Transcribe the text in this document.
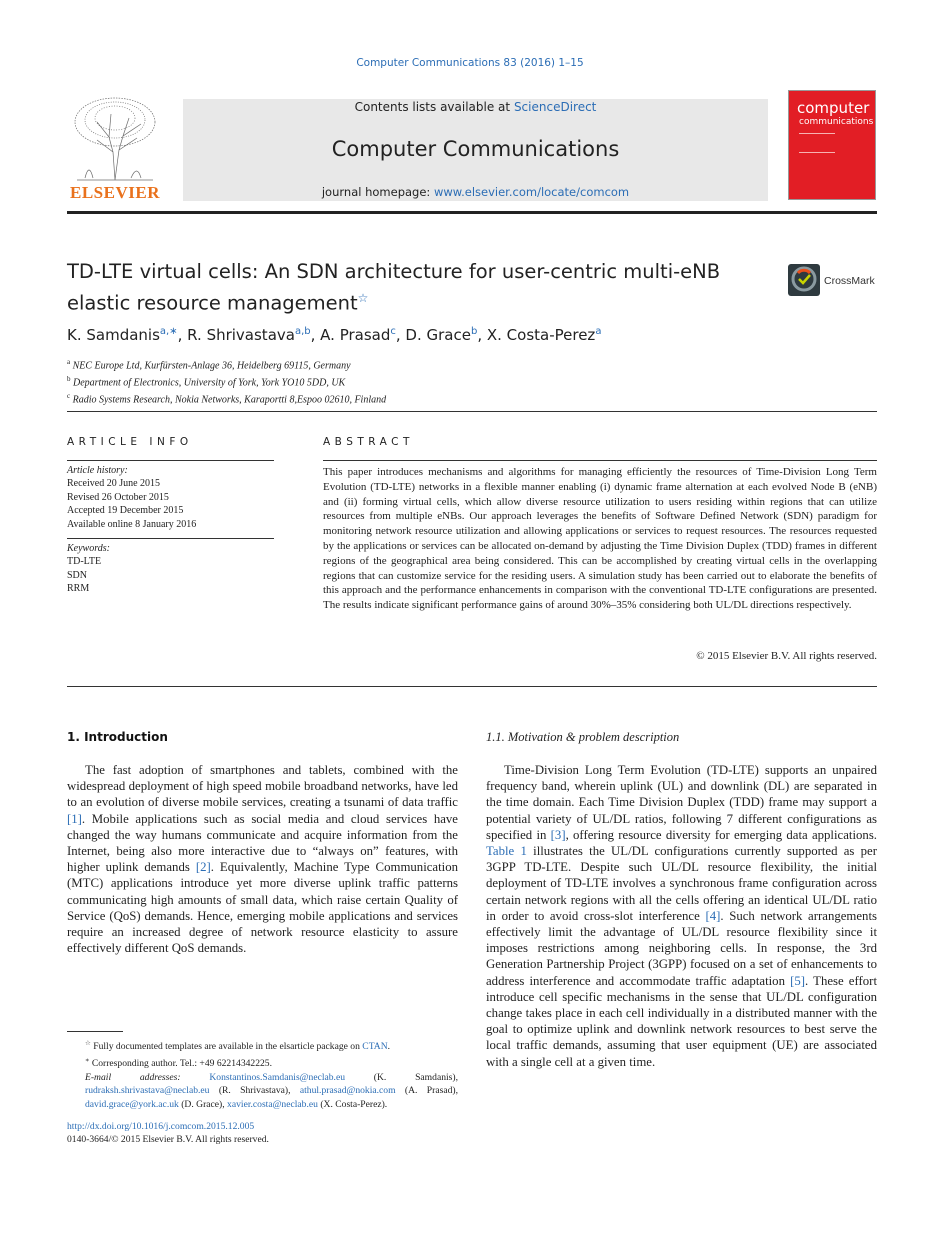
Computer Communications 83 (2016) 1–15
ELSEVIER
Contents lists available at ScienceDirect
Computer Communications
journal homepage: www.elsevier.com/locate/comcom
computer
communications
TD-LTE virtual cells: An SDN architecture for user-centric multi-eNB elastic resource management☆
CrossMark
K. Samdanis$^{a,∗}$, R. Shrivastava$^{a,b}$, A. Prasad$^c$, D. Grace$^b$, X. Costa-Perez$^a$
$^a$ NEC Europe Ltd, Kurfürsten-Anlage 36, Heidelberg 69115, Germany
$^b$ Department of Electronics, University of York, York YO10 5DD, UK
$^c$ Radio Systems Research, Nokia Networks, Karaportti 8,Espoo 02610, Finland
ARTICLE INFO
Article history:
Received 20 June 2015
Revised 26 October 2015
Accepted 19 December 2015
Available online 8 January 2016
Keywords:
TD-LTE
SDN
RRM
ABSTRACT
This paper introduces mechanisms and algorithms for managing efficiently the resources of Time-Division Long Term Evolution (TD-LTE) networks in a flexible manner enabling (i) dynamic frame alternation at each evolved Node B (eNB) and (ii) forming virtual cells, which allow diverse resource utilization to users residing within regions that can utilize resources from multiple eNBs. Our approach leverages the benefits of Software Defined Network (SDN) paradigm for monitoring network resource utilization and allowing applications or services to request resources. The resources requested by the applications or services can be allocated on-demand by adjusting the Time Division Duplex (TDD) frames in different regions of the geographical area being considered. This can be accomplished by creating virtual cells in the overlapping regions that can customize service for the residing users. A simulation study has been carried out to elaborate the benefits of this approach and the performance enhancements in comparison with the conventional TD-LTE configurations are presented. The results indicate significant performance gains of around 30%–35% considering both UL/DL directions respectively.
© 2015 Elsevier B.V. All rights reserved.
1. Introduction	1.1. Motivation & problem description
The fast adoption of smartphones and tablets, combined with the widespread deployment of high speed mobile broadband networks, have led to an evolution of diverse mobile services, creating a tsunami of data traffic [1]. Mobile applications such as social media and cloud services have changed the way humans communicate and acquire information from the Internet, being also more interactive due to “always on” features, with higher uplink demands [2]. Equivalently, Machine Type Communication (MTC) applications introduce yet more diverse uplink traffic patterns communicating high amounts of small data, which raise certain Quality of Service (QoS) demands. Hence, emerging mobile applications and services require an increased degree of network resource elasticity to assure effectively different QoS demands.
Time-Division Long Term Evolution (TD-LTE) supports an unpaired frequency band, wherein uplink (UL) and downlink (DL) are separated in the time domain. Each Time Division Duplex (TDD) frame may support a potential variety of UL/DL ratios, following 7 different configurations as specified in [3], offering resource diversity for emerging data applications. Table 1 illustrates the UL/DL configurations currently supported as per 3GPP TD-LTE. Despite such UL/DL resource flexibility, the initial deployment of TD-LTE involves a synchronous frame configuration across certain network regions with all the cells offering an identical UL/DL ratio in order to avoid cross-slot interference [4]. Such network arrangements effectively limit the advantage of UL/DL resource flexibility since it imposes restrictions among neighboring cells. In response, the 3rd Generation Partnership Project (3GPP) focused on a set of enhancements to address interference and accommodate traffic adaptation [5]. These effort introduce cell specific mechanisms in the sense that UL/DL configuration change takes place in each cell individually in a distributed manner with the goal to optimize uplink and downlink network resources to best serve the local traffic demands, assuming that user equipment (UE) are associated with a single cell at a given time.
☆ Fully documented templates are available in the elsarticle package on CTAN.
∗ Corresponding author. Tel.: +49 62214342225.
E-mail addresses:	Konstantinos.Samdanis@neclab.eu	(K. Samdanis), rudraksh.shrivastava@neclab.eu (R. Shrivastava), athul.prasad@nokia.com (A. Prasad), david.grace@york.ac.uk (D. Grace), xavier.costa@neclab.eu (X. Costa-Perez).
http://dx.doi.org/10.1016/j.comcom.2015.12.005
0140-3664/© 2015 Elsevier B.V. All rights reserved.
